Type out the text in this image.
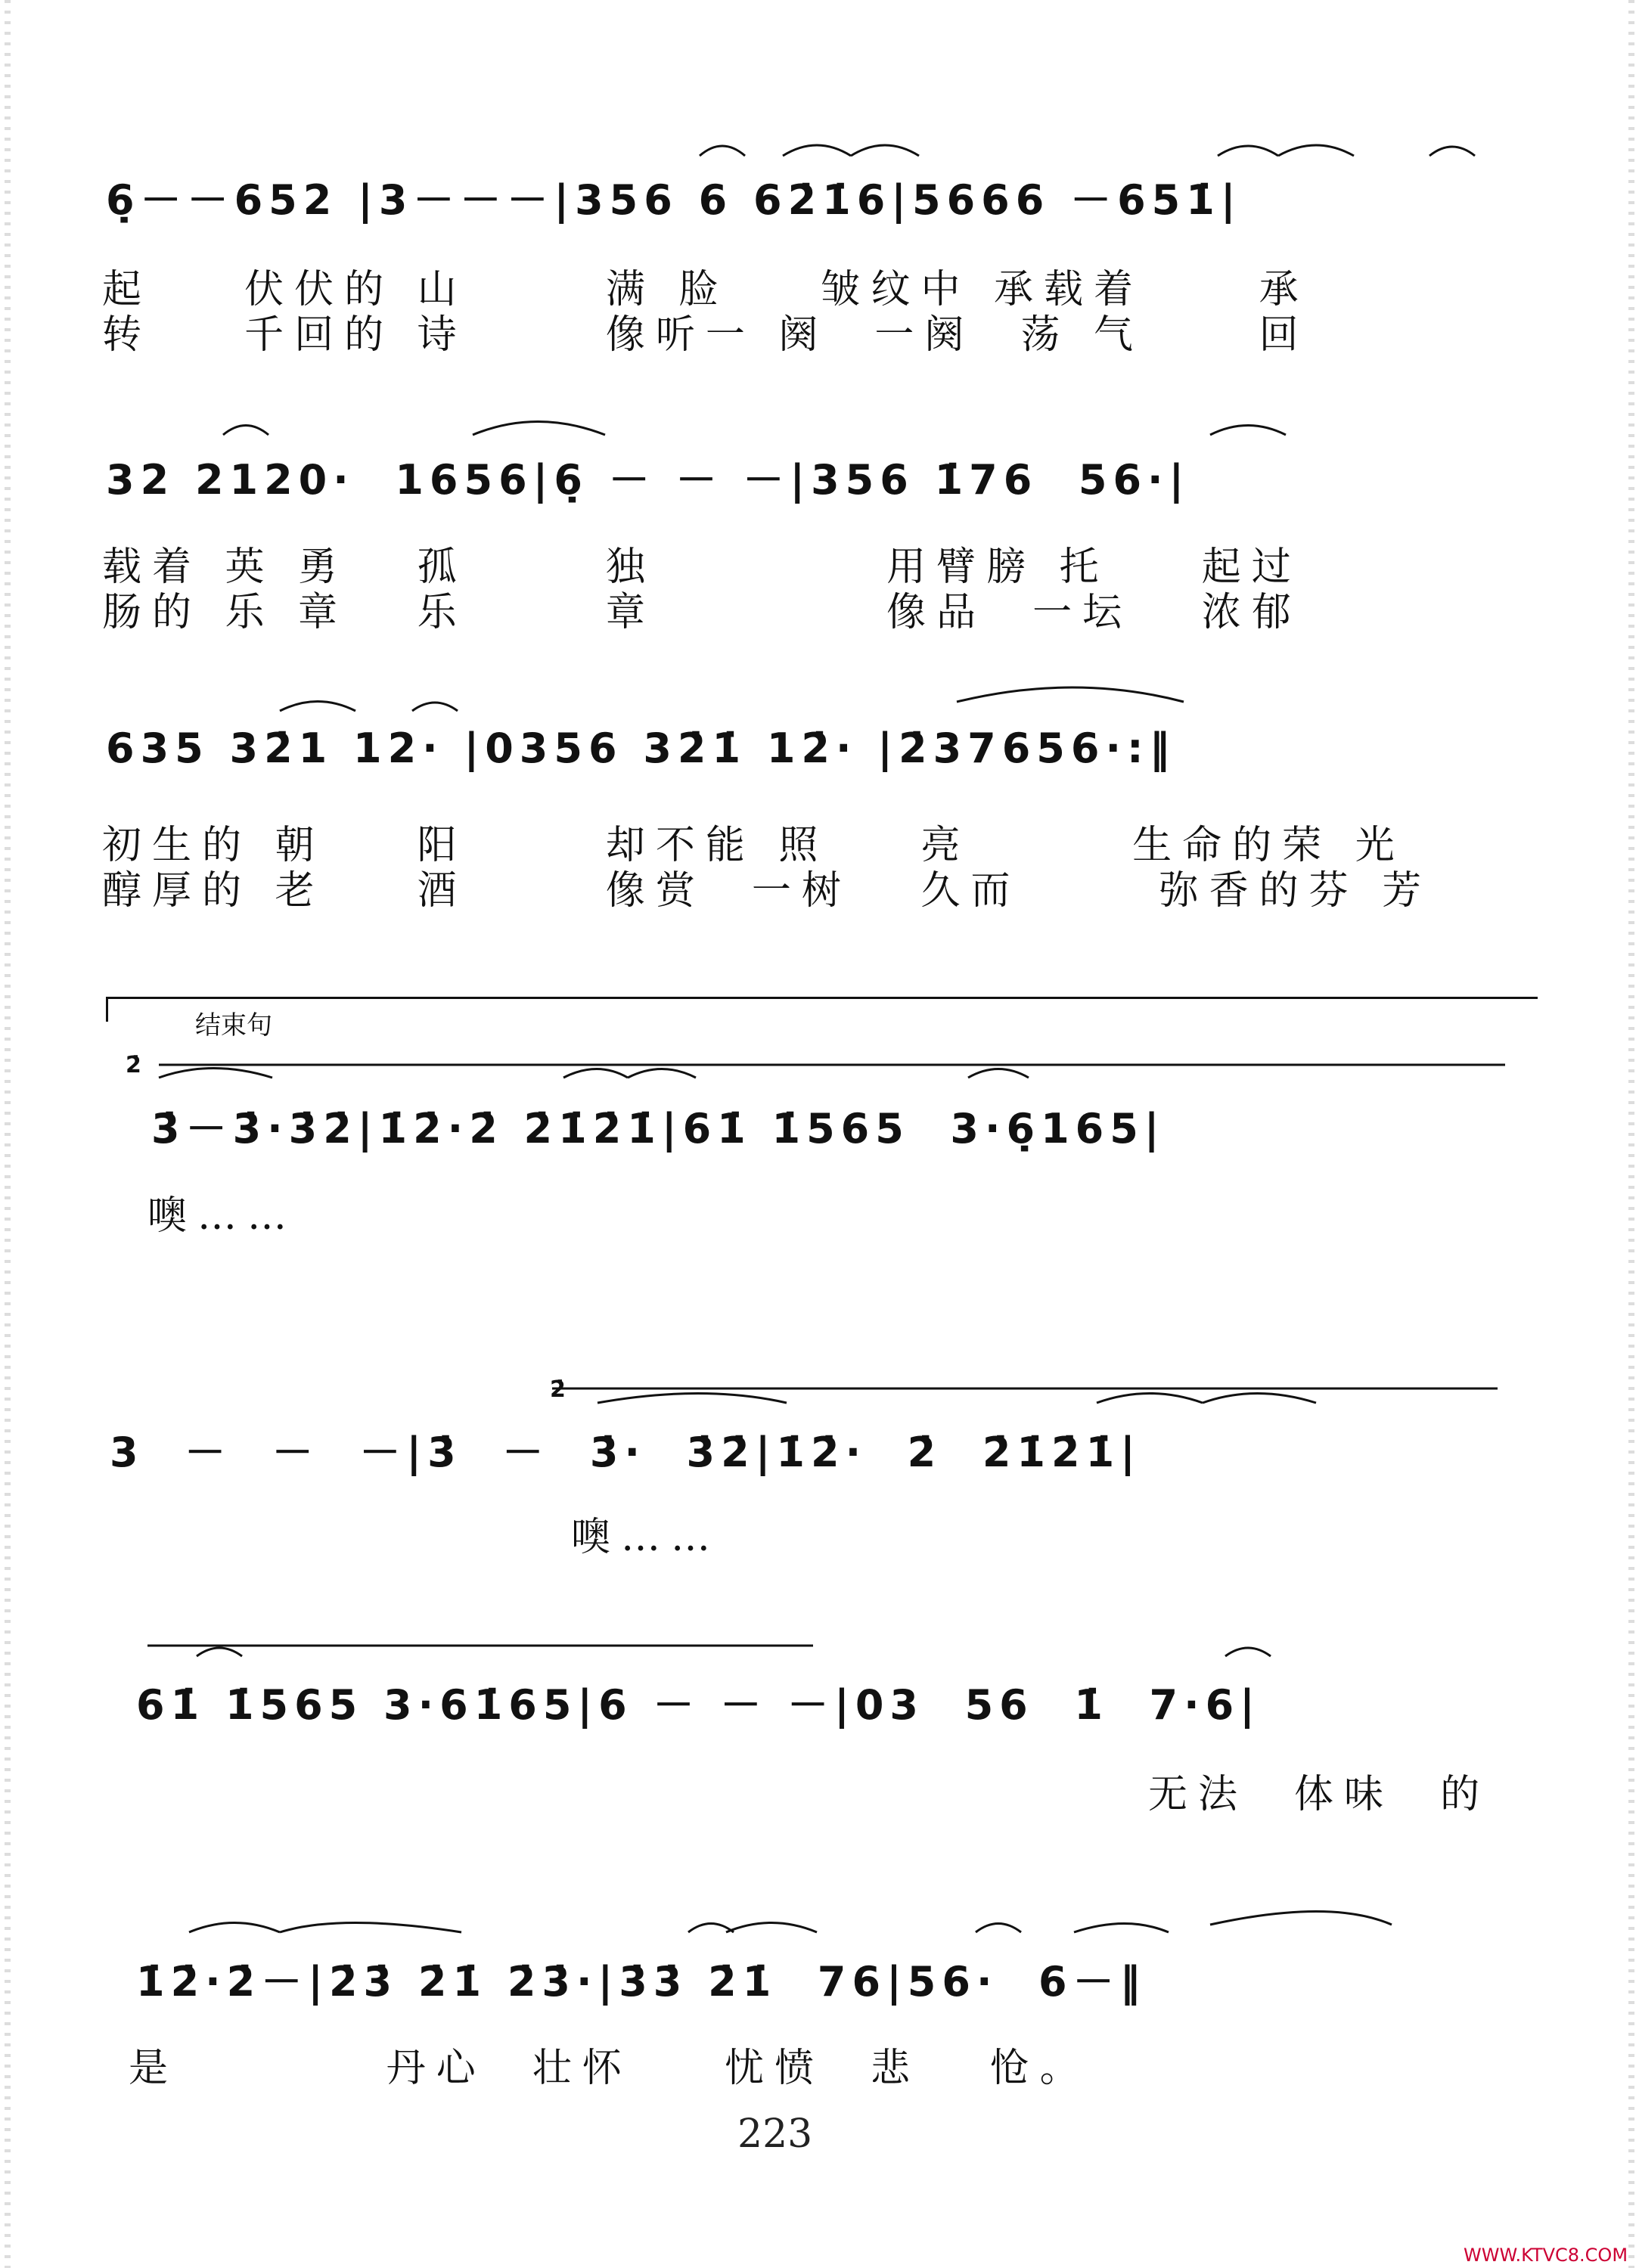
6̣－－652 |3－－－|356 6 62̇1̇6|5666 －651̇|
起    伏伏的 山      满 脸    皱纹中 承载着     承
转    千回的 诗      像听一 阕  一阕  荡 气     回
32 2120·  1656|6̣ － － －|356 1̇76  56·|
载着 英 勇   孤      独          用臂膀 托    起过
肠的 乐 章   乐      章          像品  一坛   浓郁
635 32̇1 12· |0356 32̇1̇ 12̇· |2̇37656·:‖
初生的 朝    阳      却不能 照    亮       生命的荣 光
醇厚的 老    酒      像赏  一树   久而      弥香的芬 芳
结束句
2̇
3̇－3̇·3̇2̇|1̇2̇·2̇ 2̇1̇2̇1̇|61̇ 1̇565  3·6̣165|
噢……
2̇
3  －  －  －|3̇  －  3̇·  3̇2̇|1̇2̇·  2̇  2̇1̇2̇1̇|
噢……
61̇ 1̇565 3·61̇65|6 － － －|03  56  1̇  7·6|
无法  体味  的
1̇2̇·2̇－|2̇3̇ 2̇1̇ 2̇3̇·|3̇3̇ 2̇1̇  76|56·  6－‖
是         丹心  壮怀    忧愤  悲   怆。
223
WWW.KTVC8.COM
